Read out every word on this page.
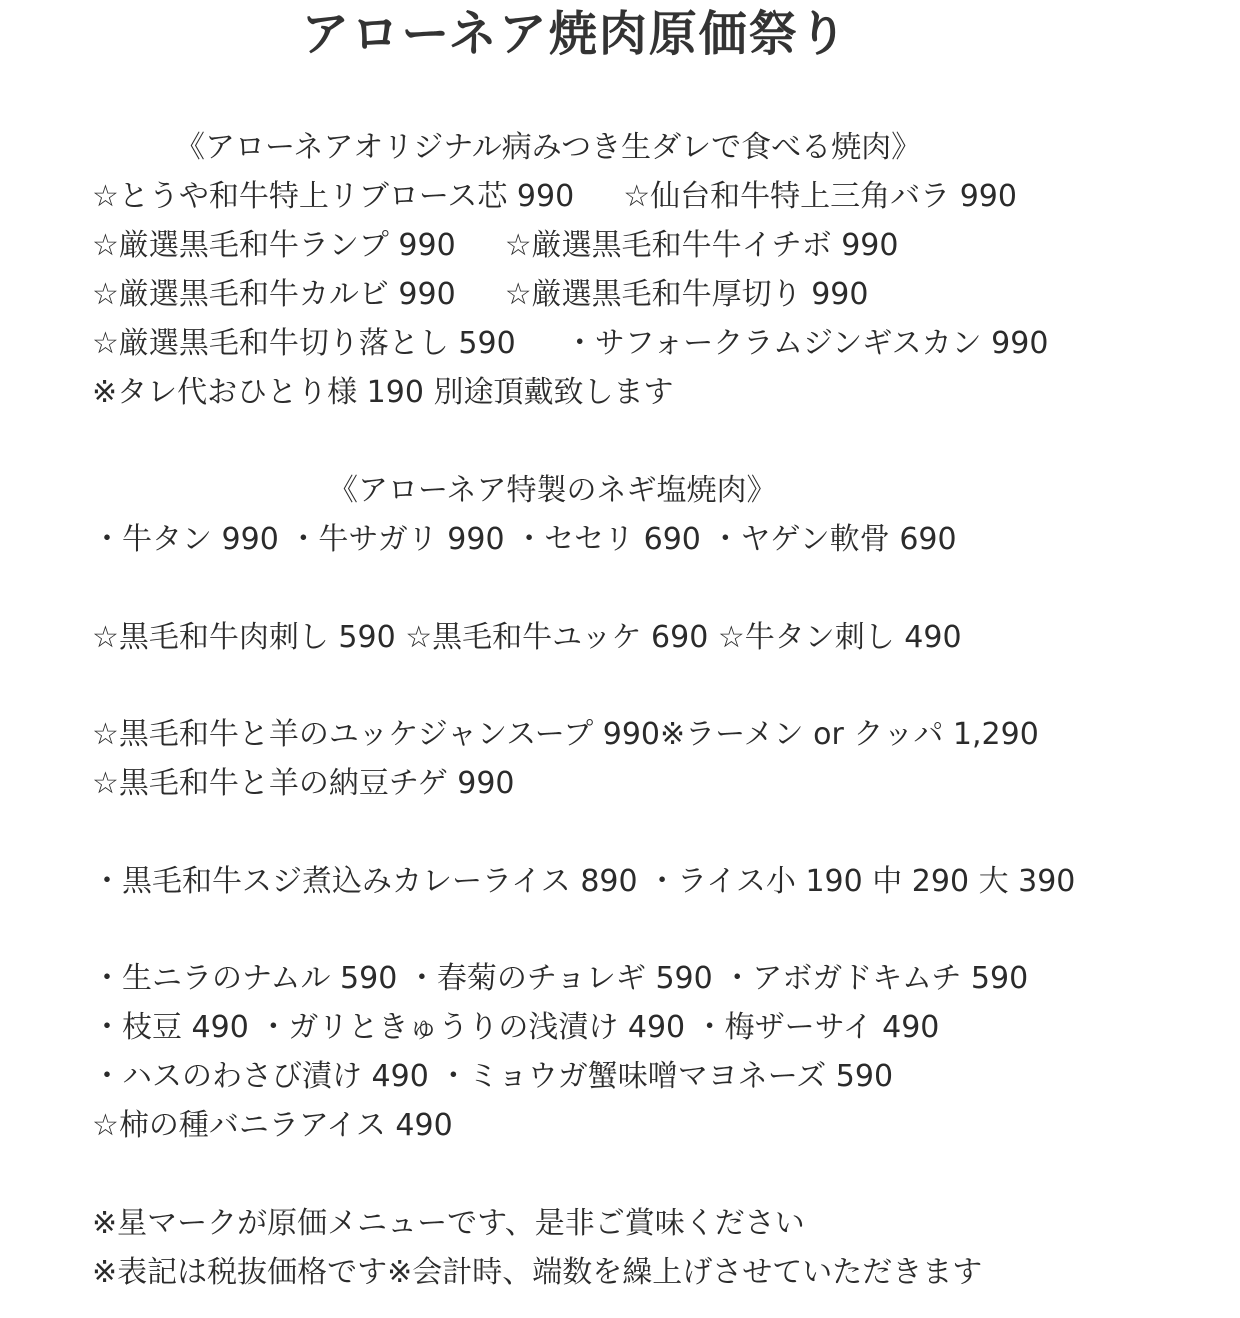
アローネア焼肉原価祭り
《アローネアオリジナル病みつき生ダレで食べる焼肉》
☆とうや和牛特上リブロース芯 990 　 ☆仙台和牛特上三角バラ 990
☆厳選黒毛和牛ランプ 990 　 ☆厳選黒毛和牛牛イチボ 990
☆厳選黒毛和牛カルビ 990 　 ☆厳選黒毛和牛厚切り 990
☆厳選黒毛和牛切り落とし 590 　 ・サフォークラムジンギスカン 990
※タレ代おひとり様 190 別途頂戴致します
《アローネア特製のネギ塩焼肉》
・牛タン 990 ・牛サガリ 990 ・セセリ 690 ・ヤゲン軟骨 690
☆黒毛和牛肉刺し 590 ☆黒毛和牛ユッケ 690 ☆牛タン刺し 490
☆黒毛和牛と羊のユッケジャンスープ 990※ラーメン or クッパ 1,290
☆黒毛和牛と羊の納豆チゲ 990
・黒毛和牛スジ煮込みカレーライス 890 ・ライス小 190 中 290 大 390
・生ニラのナムル 590 ・春菊のチョレギ 590 ・アボガドキムチ 590
・枝豆 490 ・ガリときゅうりの浅漬け 490 ・梅ザーサイ 490
・ハスのわさび漬け 490 ・ミョウガ蟹味噌マヨネーズ 590
☆柿の種バニラアイス 490
※星マークが原価メニューです、是非ご賞味ください
※表記は税抜価格です※会計時、端数を繰上げさせていただきます
